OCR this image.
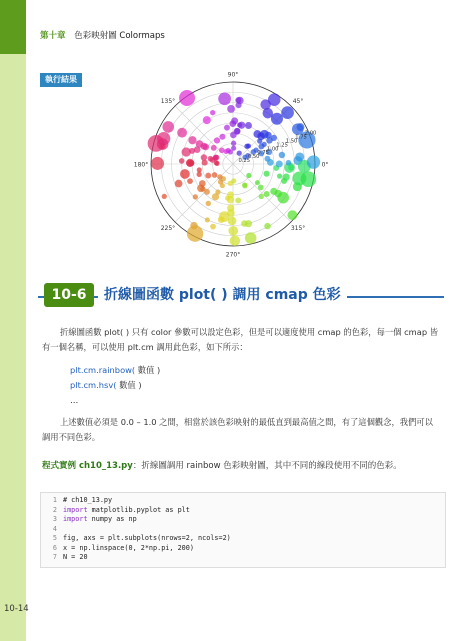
第十章 色彩映射圖 Colormaps
執行結果
0°
45°
90°
135°
180°
225°
270°
315°
0.25
0.50
0.75
1.00
1.25
1.50
1.75
2.00
10-6	折線圖函數 plot( ) 調用 cmap 色彩
折線圖函數 plot( ) 只有 color 參數可以設定色彩，但是可以適度使用 cmap 的色彩，每一個 cmap 皆有一個名稱，可以使用 plt.cm 調用此色彩，如下所示：
plt.cm.rainbow( 數值 )
plt.cm.hsv( 數值 )
…
上述數值必須是 0.0 – 1.0 之間，相當於該色彩映射的最低直到最高值之間，有了這個觀念，我們可以調用不同色彩。
程式實例 ch10_13.py：折線圖調用 rainbow 色彩映射圖，其中不同的線段使用不同的色彩。
1 # ch10_13.py
2 import matplotlib.pyplot as plt
3 import numpy as np
4
5 fig, axs = plt.subplots(nrows=2, ncols=2)
6 x = np.linspace(0, 2*np.pi, 200)
7 N = 20
10-14
